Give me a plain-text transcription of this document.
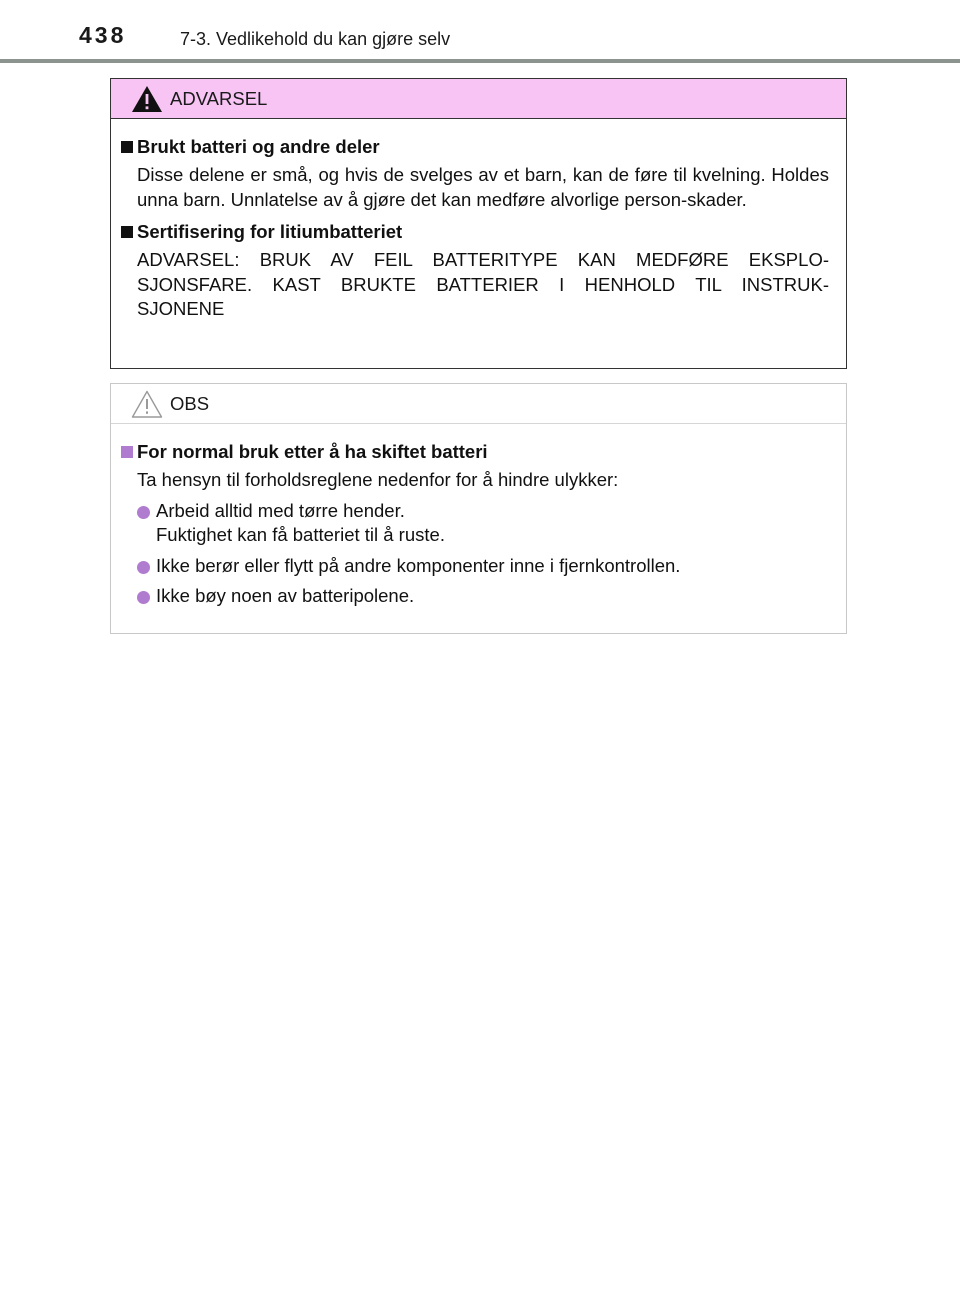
438	7-3. Vedlikehold du kan gjøre selv
ADVARSEL
Brukt batteri og andre deler
Disse delene er små, og hvis de svelges av et barn, kan de føre til kvelning. Holdes unna barn. Unnlatelse av å gjøre det kan medføre alvorlige person-skader.
Sertifisering for litiumbatteriet
ADVARSEL: BRUK AV FEIL BATTERITYPE KAN MEDFØRE EKSPLO-SJONSFARE. KAST BRUKTE BATTERIER I HENHOLD TIL INSTRUK-SJONENE
OBS
For normal bruk etter å ha skiftet batteri
Ta hensyn til forholdsreglene nedenfor for å hindre ulykker:
Arbeid alltid med tørre hender.
Fuktighet kan få batteriet til å ruste.
Ikke berør eller flytt på andre komponenter inne i fjernkontrollen.
Ikke bøy noen av batteripolene.
